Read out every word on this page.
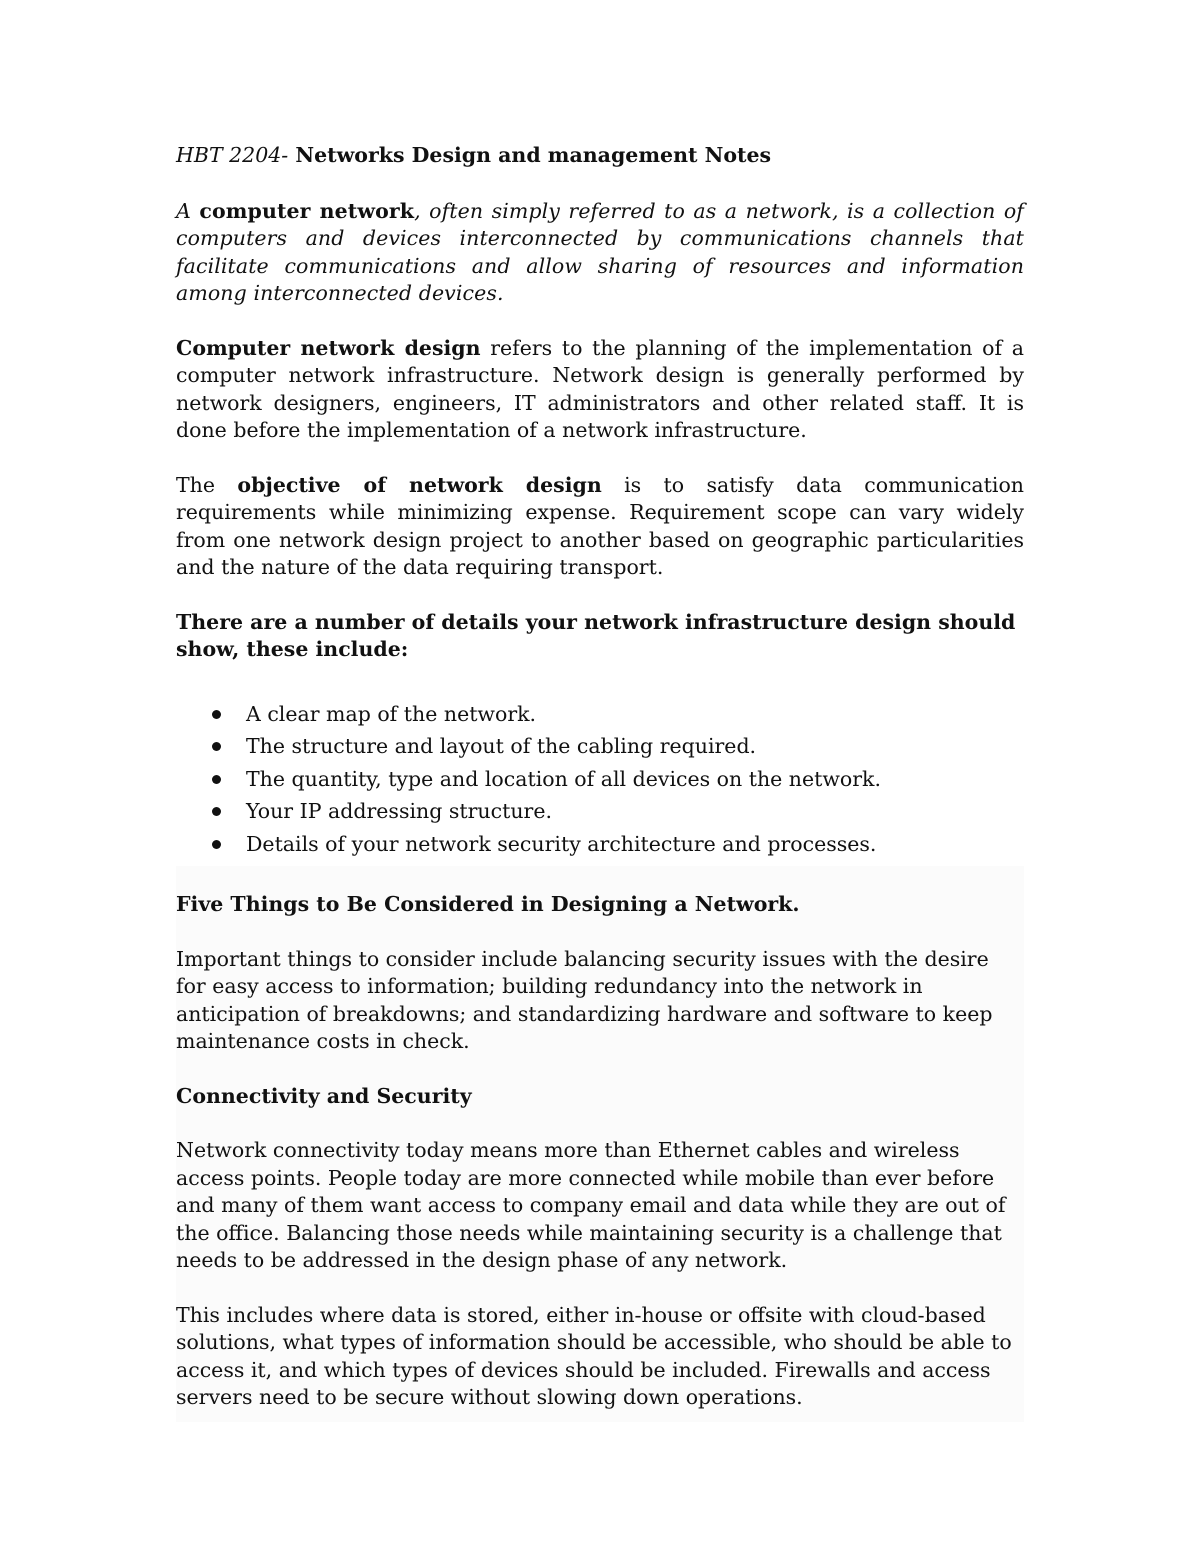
HBT 2204- Networks Design and management Notes

A computer network, often simply referred to as a network, is a collection of computers and devices interconnected by communications channels that facilitate communications and allow sharing of resources and information among interconnected devices.

Computer network design refers to the planning of the implementation of a computer network infrastructure. Network design is generally performed by network designers, engineers, IT administrators and other related staff. It is done before the implementation of a network infrastructure.

The objective of network design is to satisfy data communication requirements while minimizing expense. Requirement scope can vary widely from one network design project to another based on geographic particularities and the nature of the data requiring transport.

There are a number of details your network infrastructure design should show, these include:

A clear map of the network.
The structure and layout of the cabling required.
The quantity, type and location of all devices on the network.
Your IP addressing structure.
Details of your network security architecture and processes.
Five Things to Be Considered in Designing a Network.

Important things to consider include balancing security issues with the desire for easy access to information; building redundancy into the network in anticipation of breakdowns; and standardizing hardware and software to keep maintenance costs in check.

Connectivity and Security

Network connectivity today means more than Ethernet cables and wireless access points. People today are more connected while mobile than ever before and many of them want access to company email and data while they are out of the office. Balancing those needs while maintaining security is a challenge that needs to be addressed in the design phase of any network.

This includes where data is stored, either in-house or offsite with cloud-based solutions, what types of information should be accessible, who should be able to access it, and which types of devices should be included. Firewalls and access servers need to be secure without slowing down operations.
